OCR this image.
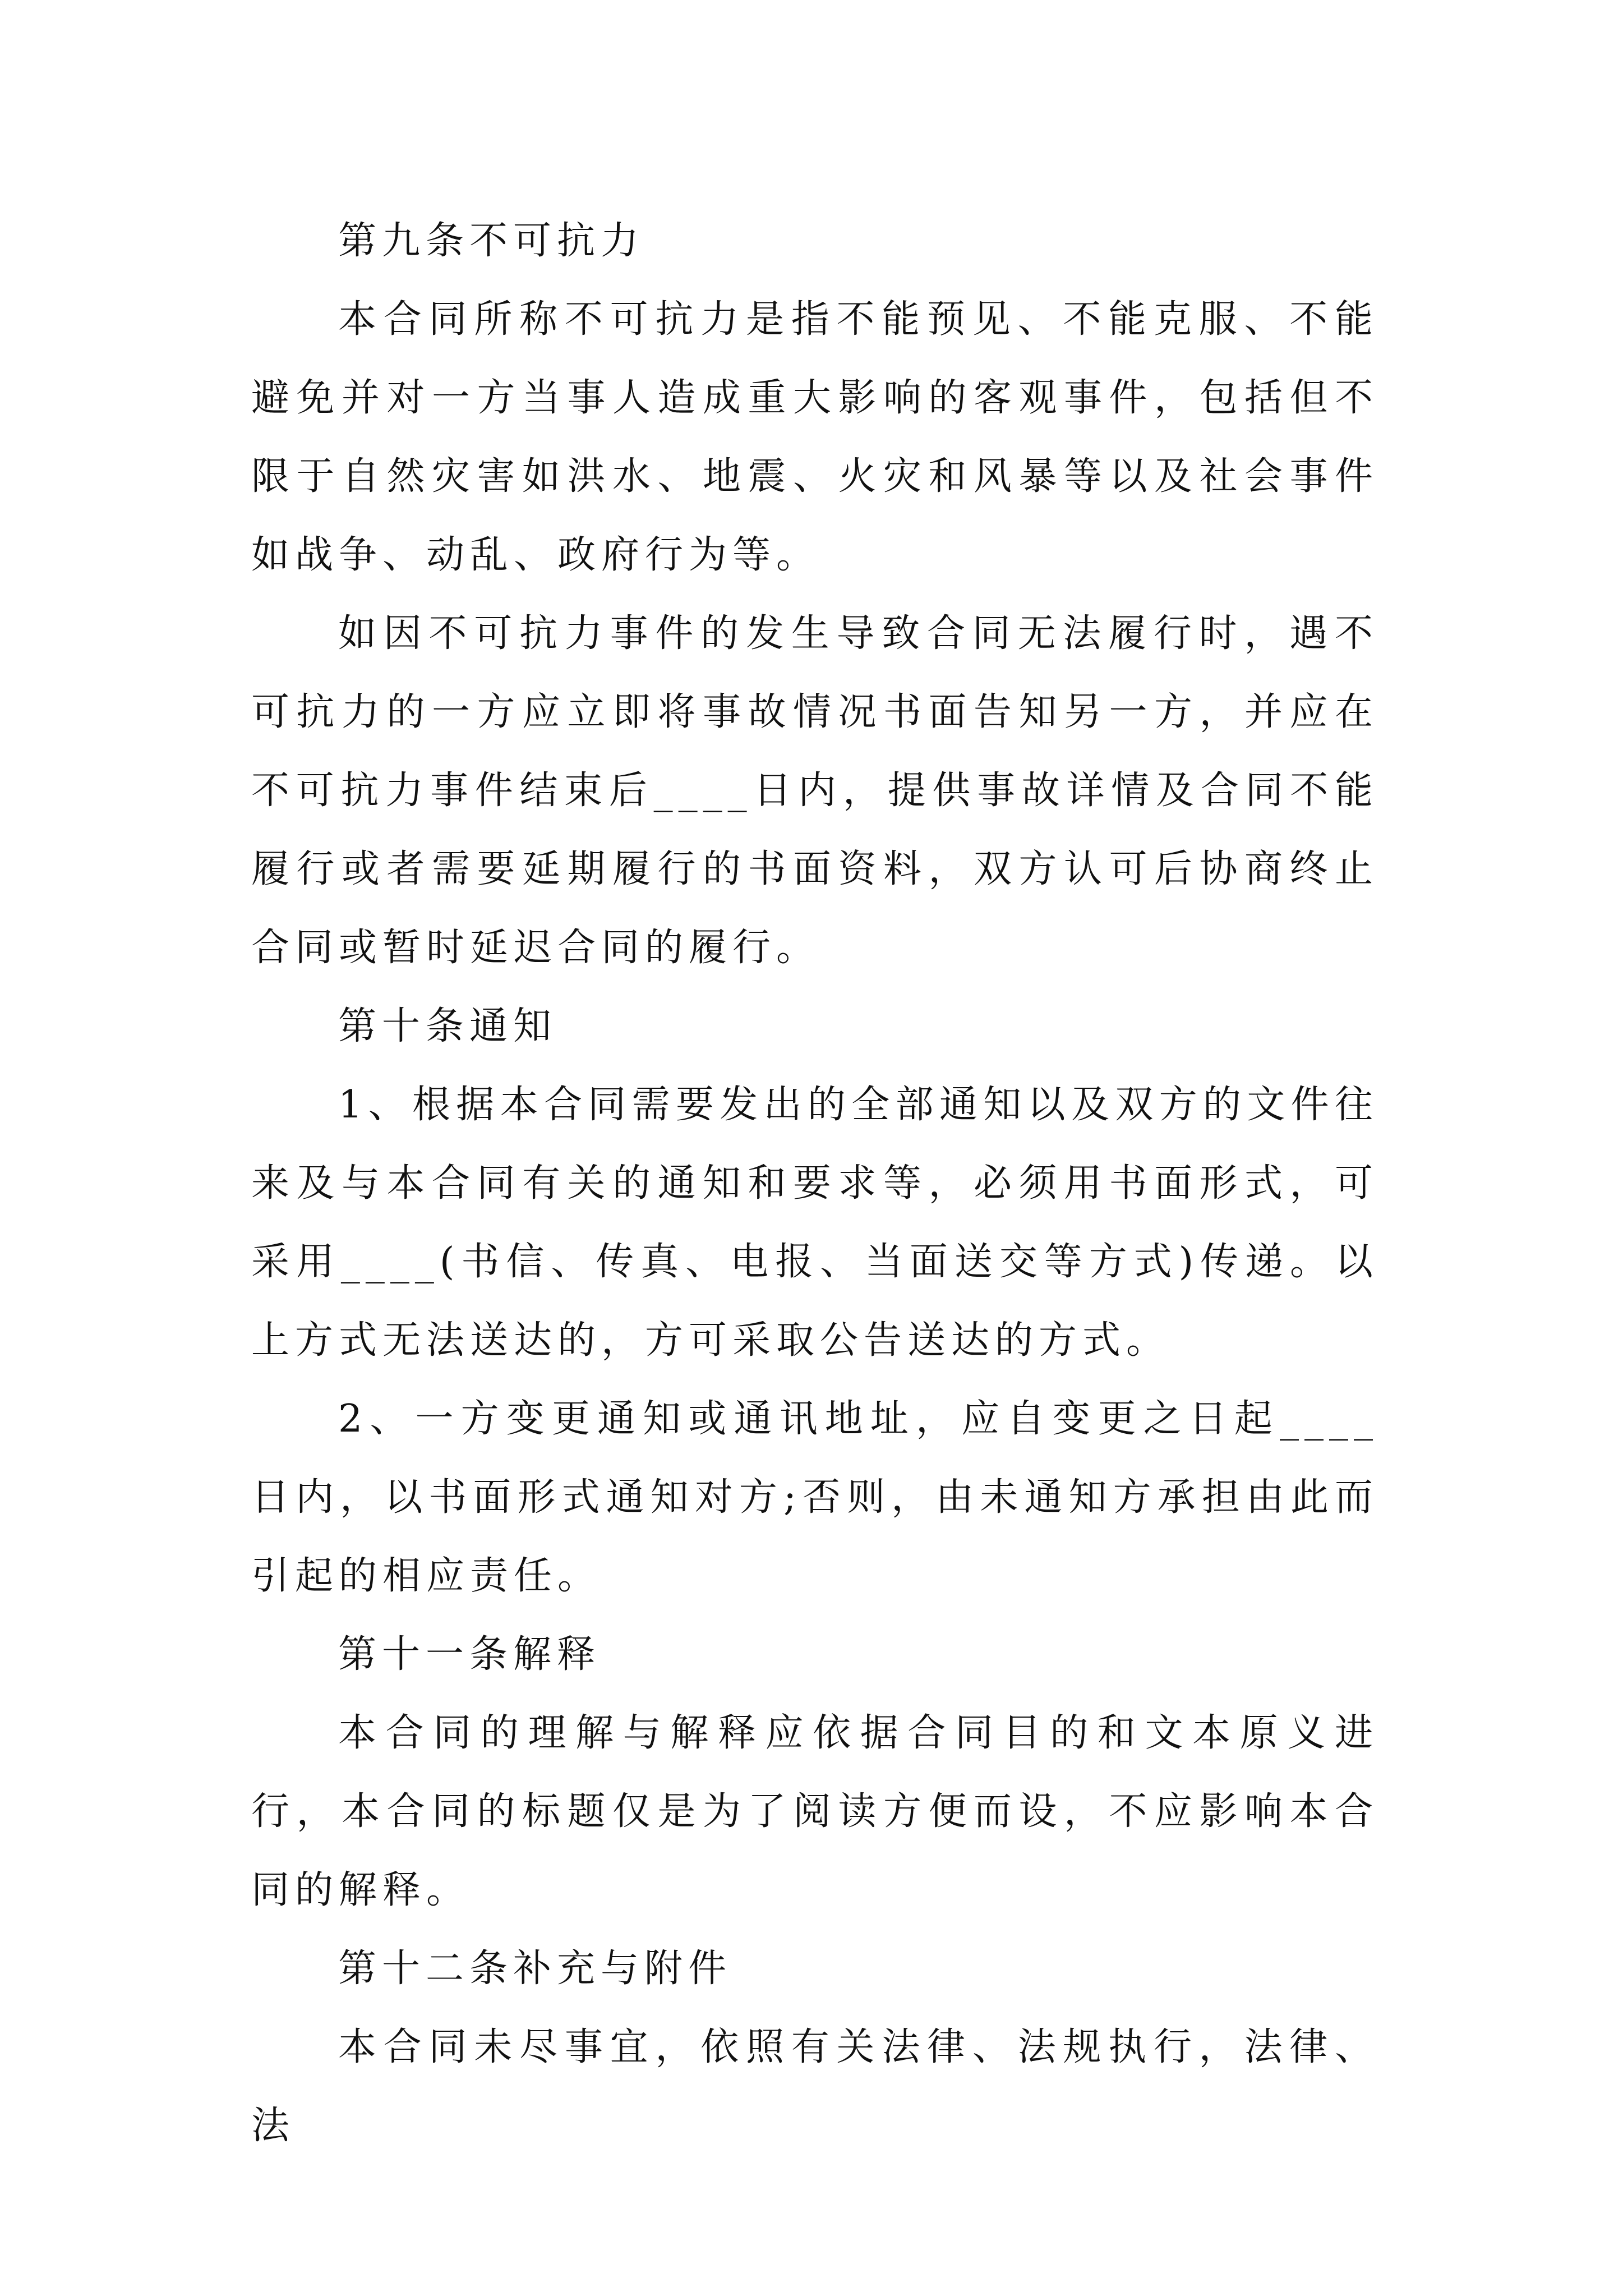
第九条不可抗力

本合同所称不可抗力是指不能预见、不能克服、不能避免并对一方当事人造成重大影响的客观事件，包括但不限于自然灾害如洪水、地震、火灾和风暴等以及社会事件如战争、动乱、政府行为等。

如因不可抗力事件的发生导致合同无法履行时，遇不可抗力的一方应立即将事故情况书面告知另一方，并应在不可抗力事件结束后____日内，提供事故详情及合同不能履行或者需要延期履行的书面资料，双方认可后协商终止合同或暂时延迟合同的履行。

第十条通知

1、根据本合同需要发出的全部通知以及双方的文件往来及与本合同有关的通知和要求等，必须用书面形式，可采用____(书信、传真、电报、当面送交等方式)传递。以上方式无法送达的，方可采取公告送达的方式。

2、一方变更通知或通讯地址，应自变更之日起____日内，以书面形式通知对方;否则，由未通知方承担由此而引起的相应责任。

第十一条解释

本合同的理解与解释应依据合同目的和文本原义进行，本合同的标题仅是为了阅读方便而设，不应影响本合同的解释。

第十二条补充与附件

本合同未尽事宜，依照有关法律、法规执行，法律、法
